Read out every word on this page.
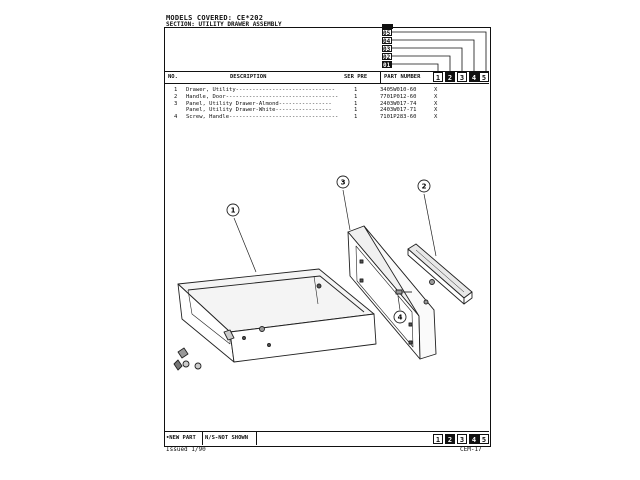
MODELS COVERED: CE*202
SECTION: UTILITY DRAWER ASSEMBLY
05
04
03
02
01
NO.	DESCRIPTION	SER PRE	PART NUMBER	1	2	3	4 5
1 Drawer, Utility------------------------------	1	3405W010-60	X
2 Handle, Door----------------------------------	1	7701P012-60	X
3 Panel, Utility Drawer-Almond----------------	1	2403W017-74	X
Panel, Utility Drawer-White-----------------	1	2403W017-71	X
4 Screw, Handle---------------------------------	1	7101P283-60	X
1
2
3
4
•NEW PART N/S-NOT SHOWN	1	2	3	4 5
Issued 1/90	CEM-17
